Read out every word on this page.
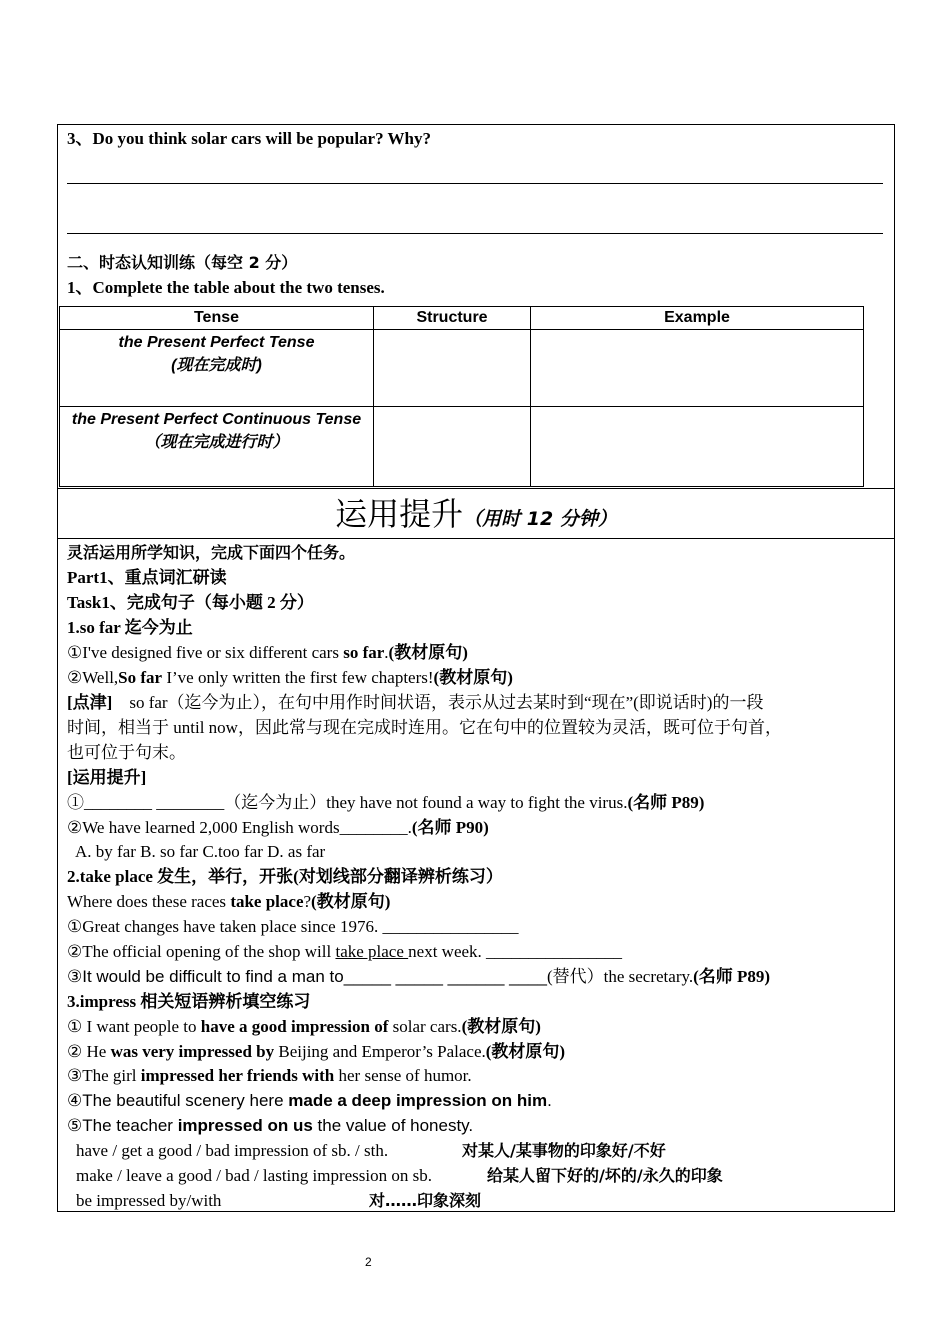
3、Do you think solar cars will be popular? Why?
二、时态认知训练（每空 2 分）
1、Complete the table about the two tenses.
Tense	Structure	Example

the Present Perfect Tense
(现在完成时)		

the Present Perfect Continuous Tense
（现在完成进行时）		

运用提升（用时 12 分钟）
灵活运用所学知识，完成下面四个任务。
Part1、重点词汇研读
Task1、完成句子（每小题 2 分）
1.so far 迄今为止
①I've designed five or six different cars so far.(教材原句)
②Well,So far I’ve only written the first few chapters!(教材原句)
[点津] so far（迄今为止），在句中用作时间状语，表示从过去某时到“现在”(即说话时)的一段
时间，相当于 until now，因此常与现在完成时连用。它在句中的位置较为灵活，既可位于句首，
也可位于句末。
[运用提升]
①________ ________（迄今为止）they have not found a way to fight the virus.(名师 P89)
②We have learned 2,000 English words________.(名师 P90)
A. by far B. so far C.too far D. as far
2.take place 发生，举行，开张(对划线部分翻译辨析练习）
Where does these races take place?(教材原句)
①Great changes have taken place since 1976. ________________
②The official opening of the shop will take place next week. ________________
③It would be difficult to find a man to_____ _____ ______ ____(替代）the secretary.(名师 P89)
3.impress 相关短语辨析填空练习
① I want people to have a good impression of solar cars.(教材原句)
② He was very impressed by Beijing and Emperor’s Palace.(教材原句)
③The girl impressed her friends with her sense of humor.
④The beautiful scenery here made a deep impression on him.
⑤The teacher impressed on us the value of honesty.
have / get a good / bad impression of sb. / sth.	对某人/某事物的印象好/不好
make / leave a good / bad / lasting impression on sb.	给某人留下好的/坏的/永久的印象
be impressed by/with	对……印象深刻
2
